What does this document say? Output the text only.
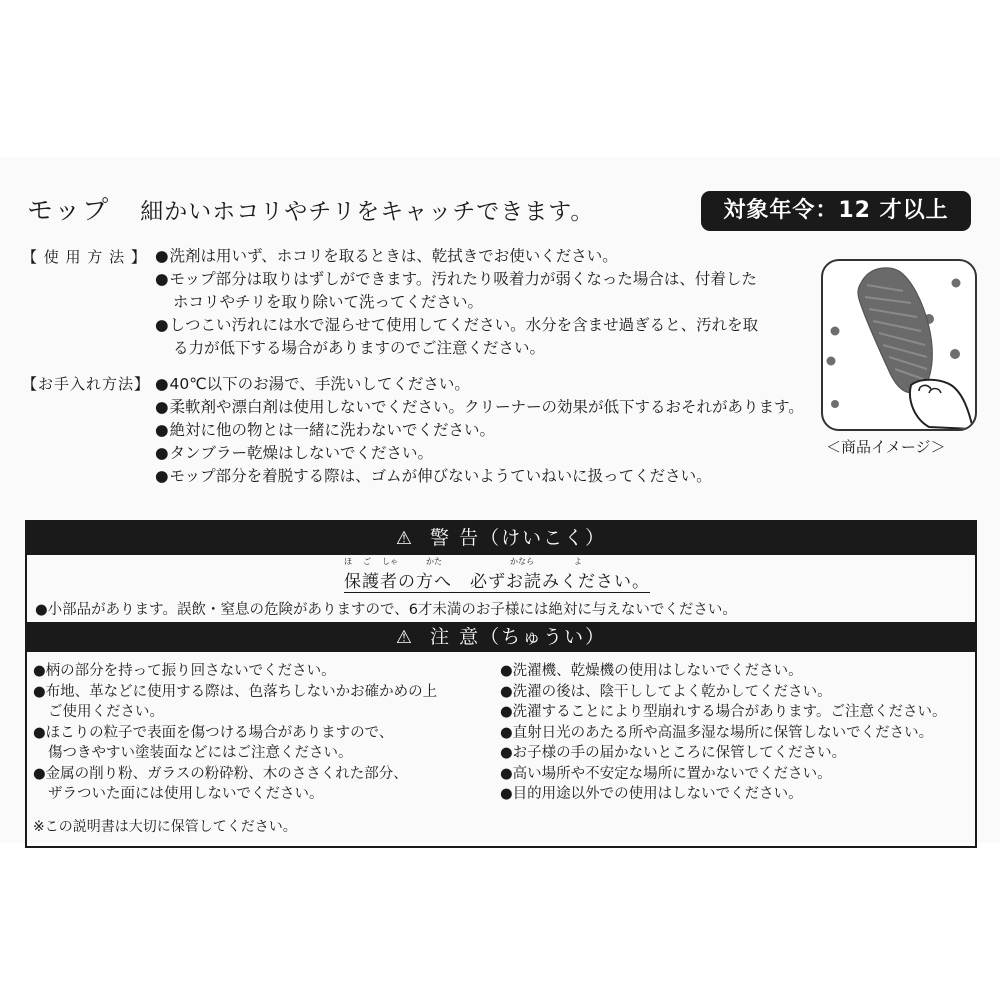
モップ 細かいホコリやチリをキャッチできます。	対象年令：12 才以上
【 使 用 方 法 】	● 洗剤は用いず、ホコリを取るときは、乾拭きでお使いください。
● モップ部分は取りはずしができます。汚れたり吸着力が弱くなった場合は、付着した
ホコリやチリを取り除いて洗ってください。
● しつこい汚れには水で湿らせて使用してください。水分を含ませ過ぎると、汚れを取
る力が低下する場合がありますのでご注意ください。
【お手入れ方法】	● 40℃以下のお湯で、手洗いしてください。
● 柔軟剤や漂白剤は使用しないでください。クリーナーの効果が低下するおそれがあります。
● 絶対に他の物とは一緒に洗わないでください。
● タンブラー乾燥はしないでください。
● モップ部分を着脱する際は、ゴムが伸びないようていねいに扱ってください。
＜商品イメージ＞
⚠ 警 告（けいこく）
保護者の方へ　必ずお読みください。
ほ ご しゃ	かた	かなら	よ
● 小部品があります。誤飲・窒息の危険がありますので、6才未満のお子様には絶対に与えないでください。
⚠ 注 意（ちゅうい）
● 柄の部分を持って振り回さないでください。
● 布地、革などに使用する際は、色落ちしないかお確かめの上
ご使用ください。
● ほこりの粒子で表面を傷つける場合がありますので、
傷つきやすい塗装面などにはご注意ください。
● 金属の削り粉、ガラスの粉砕粉、木のささくれた部分、
ザラついた面には使用しないでください。
● 洗濯機、乾燥機の使用はしないでください。
● 洗濯の後は、陰干ししてよく乾かしてください。
● 洗濯することにより型崩れする場合があります。ご注意ください。
● 直射日光のあたる所や高温多湿な場所に保管しないでください。
● お子様の手の届かないところに保管してください。
● 高い場所や不安定な場所に置かないでください。
● 目的用途以外での使用はしないでください。
※この説明書は大切に保管してください。
